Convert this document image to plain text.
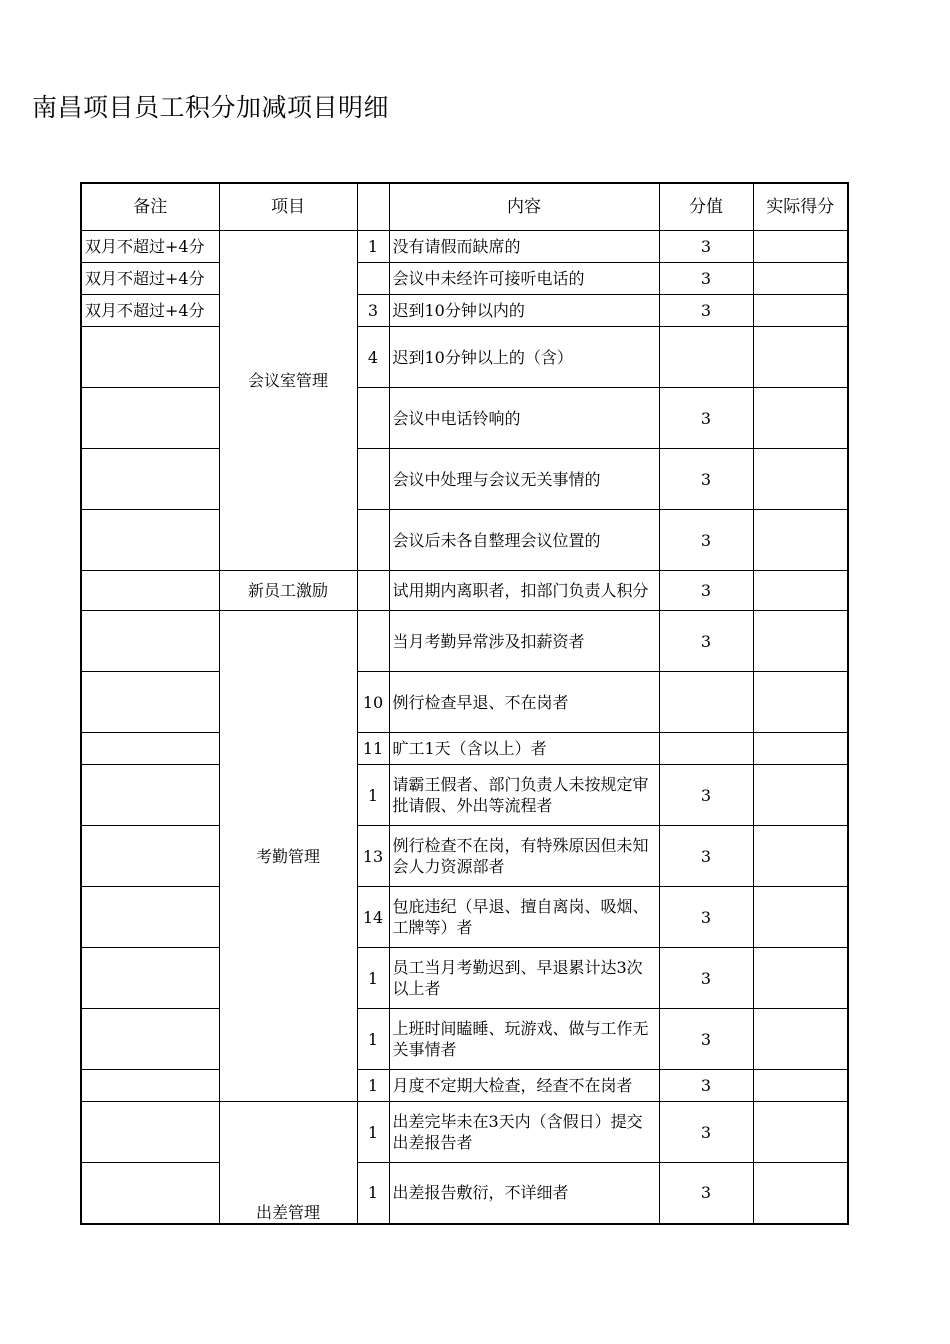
南昌项目员工积分加减项目明细
备注	项目		内容	分值	实际得分
双月不超过+4分	会议室管理	1	没有请假而缺席的	3	
双月不超过+4分			会议中未经许可接听电话的	3	
双月不超过+4分		3	迟到10分钟以内的	3	
		4	迟到10分钟以上的（含）		
			会议中电话铃响的	3	
			会议中处理与会议无关事情的	3	
			会议后未各自整理会议位置的	3	
	新员工激励		试用期内离职者，扣部门负责人积分	3	
	考勤管理		当月考勤异常涉及扣薪资者	3	
		10	例行检查早退、不在岗者		
		11	旷工1天（含以上）者		
		1	请霸王假者、部门负责人未按规定审批请假、外出等流程者	3	
		13	例行检查不在岗，有特殊原因但未知会人力资源部者	3	
		14	包庇违纪（早退、擅自离岗、吸烟、工牌等）者	3	
		1	员工当月考勤迟到、早退累计达3次以上者	3	
		1	上班时间瞌睡、玩游戏、做与工作无关事情者	3	
		1	月度不定期大检查，经查不在岗者	3	
	出差管理	1	出差完毕未在3天内（含假日）提交出差报告者	3	
		1	出差报告敷衍，不详细者	3	
